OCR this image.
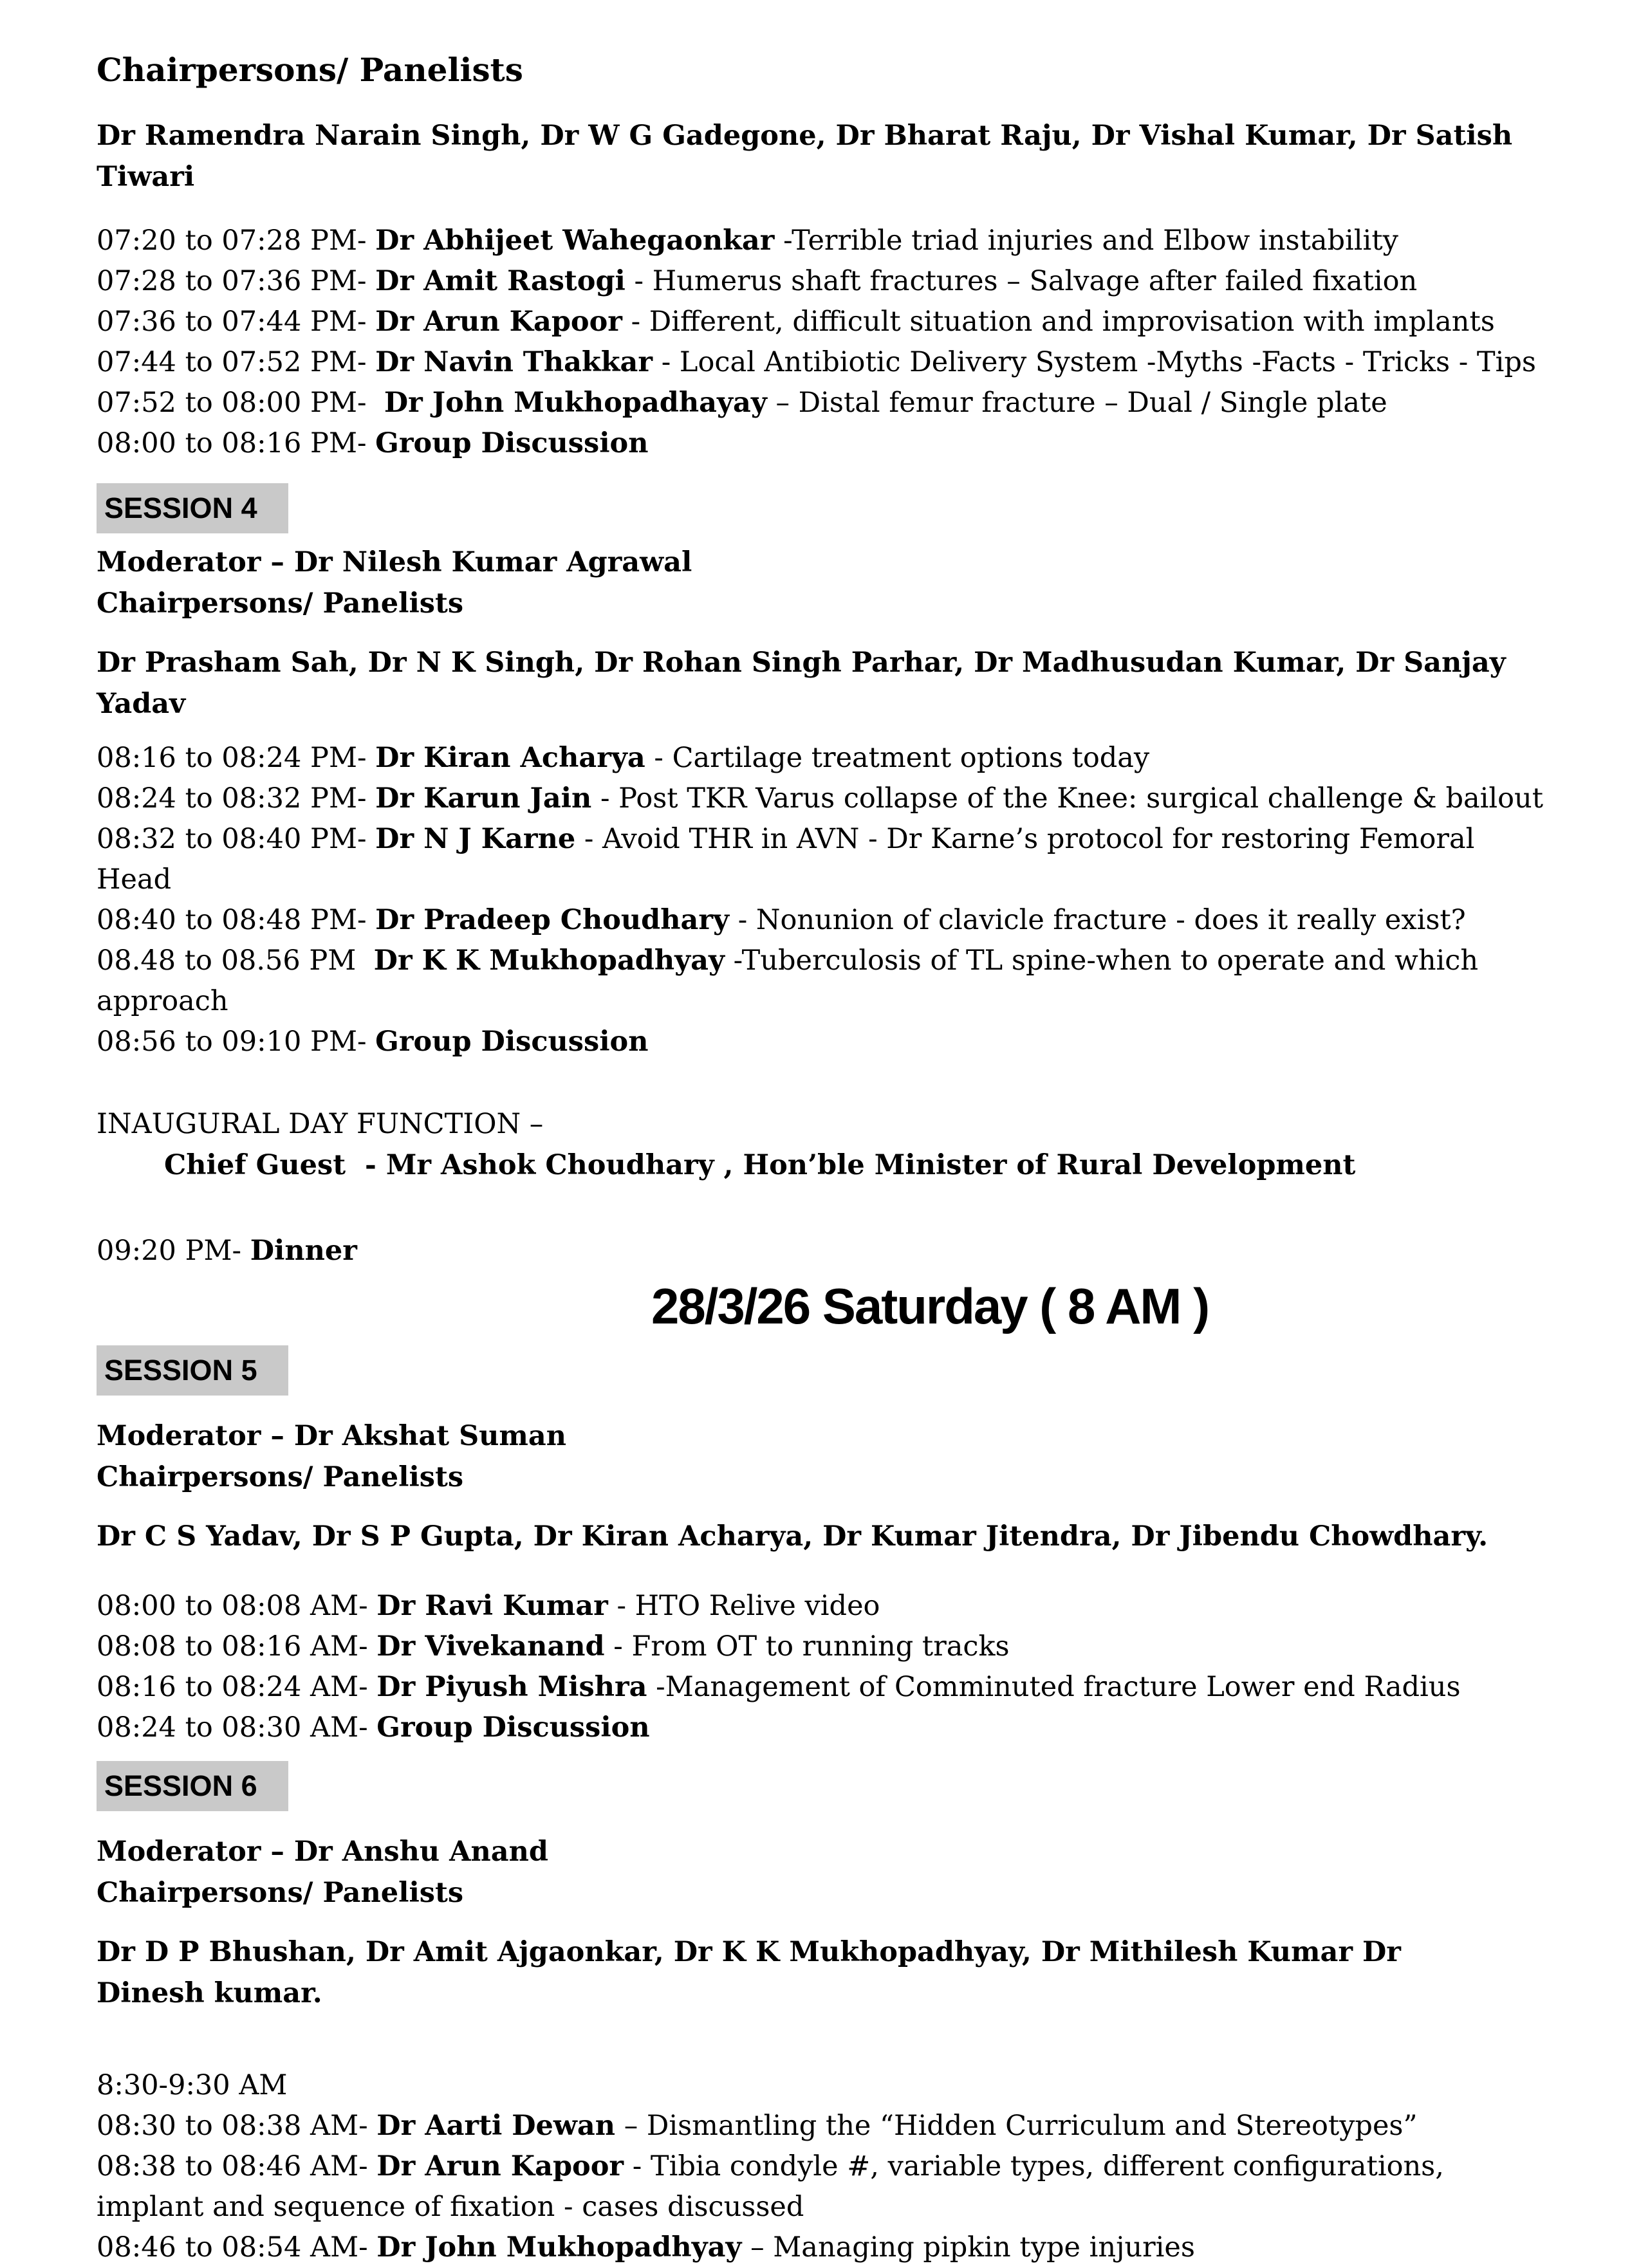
Chairpersons/ Panelists

Dr Ramendra Narain Singh, Dr W G Gadegone, Dr Bharat Raju, Dr Vishal Kumar, Dr Satish Tiwari

07:20 to 07:28 PM- Dr Abhijeet Wahegaonkar -Terrible triad injuries and Elbow instability

07:28 to 07:36 PM- Dr Amit Rastogi - Humerus shaft fractures – Salvage after failed fixation

07:36 to 07:44 PM- Dr Arun Kapoor - Different, difficult situation and improvisation with implants

07:44 to 07:52 PM- Dr Navin Thakkar - Local Antibiotic Delivery System -Myths -Facts - Tricks - Tips

07:52 to 08:00 PM-  Dr John Mukhopadhayay – Distal femur fracture – Dual / Single plate

08:00 to 08:16 PM- Group Discussion

SESSION 4

Moderator – Dr Nilesh Kumar Agrawal

Chairpersons/ Panelists

Dr Prasham Sah, Dr N K Singh, Dr Rohan Singh Parhar, Dr Madhusudan Kumar, Dr Sanjay Yadav

08:16 to 08:24 PM- Dr Kiran Acharya - Cartilage treatment options today

08:24 to 08:32 PM- Dr Karun Jain - Post TKR Varus collapse of the Knee: surgical challenge & bailout

08:32 to 08:40 PM- Dr N J Karne - Avoid THR in AVN - Dr Karne’s protocol for restoring Femoral Head

08:40 to 08:48 PM- Dr Pradeep Choudhary - Nonunion of clavicle fracture - does it really exist?

08.48 to 08.56 PM  Dr K K Mukhopadhyay -Tuberculosis of TL spine-when to operate and which approach

08:56 to 09:10 PM- Group Discussion

INAUGURAL DAY FUNCTION –

Chief Guest  - Mr Ashok Choudhary , Hon’ble Minister of Rural Development

09:20 PM- Dinner

28/3/26 Saturday ( 8 AM )
SESSION 5

Moderator – Dr Akshat Suman

Chairpersons/ Panelists

Dr C S Yadav, Dr S P Gupta, Dr Kiran Acharya, Dr Kumar Jitendra, Dr Jibendu Chowdhary.

08:00 to 08:08 AM- Dr Ravi Kumar - HTO Relive video

08:08 to 08:16 AM- Dr Vivekanand - From OT to running tracks

08:16 to 08:24 AM- Dr Piyush Mishra -Management of Comminuted fracture Lower end Radius

08:24 to 08:30 AM- Group Discussion

SESSION 6

Moderator – Dr Anshu Anand

Chairpersons/ Panelists

Dr D P Bhushan, Dr Amit Ajgaonkar, Dr K K Mukhopadhyay, Dr Mithilesh Kumar Dr Dinesh kumar.

8:30-9:30 AM

08:30 to 08:38 AM- Dr Aarti Dewan – Dismantling the “Hidden Curriculum and Stereotypes”

08:38 to 08:46 AM- Dr Arun Kapoor - Tibia condyle #, variable types, different configurations, implant and sequence of fixation - cases discussed

08:46 to 08:54 AM- Dr John Mukhopadhyay – Managing pipkin type injuries
